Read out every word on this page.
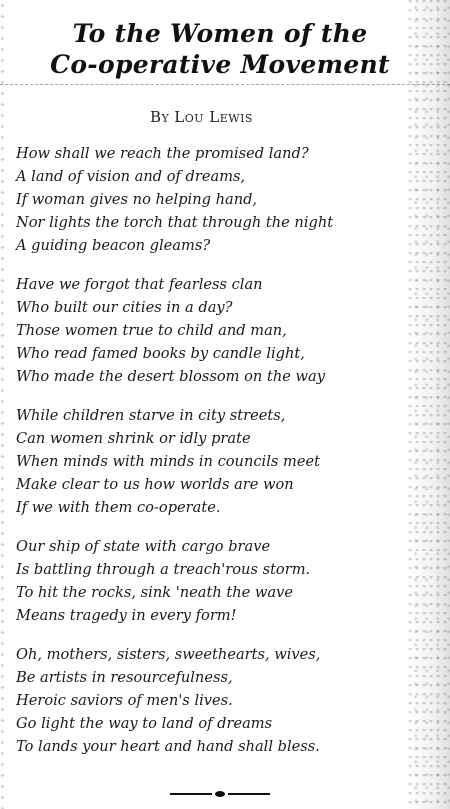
To the Women of the
Co-operative Movement
By Lou Lewis
How shall we reach the promised land?
A land of vision and of dreams,
If woman gives no helping hand,
Nor lights the torch that through the night
A guiding beacon gleams?
Have we forgot that fearless clan
Who built our cities in a day?
Those women true to child and man,
Who read famed books by candle light,
Who made the desert blossom on the way
While children starve in city streets,
Can women shrink or idly prate
When minds with minds in councils meet
Make clear to us how worlds are won
If we with them co-operate.
Our ship of state with cargo brave
Is battling through a treach'rous storm.
To hit the rocks, sink 'neath the wave
Means tragedy in every form!
Oh, mothers, sisters, sweethearts, wives,
Be artists in resourcefulness,
Heroic saviors of men's lives.
Go light the way to land of dreams
To lands your heart and hand shall bless.
